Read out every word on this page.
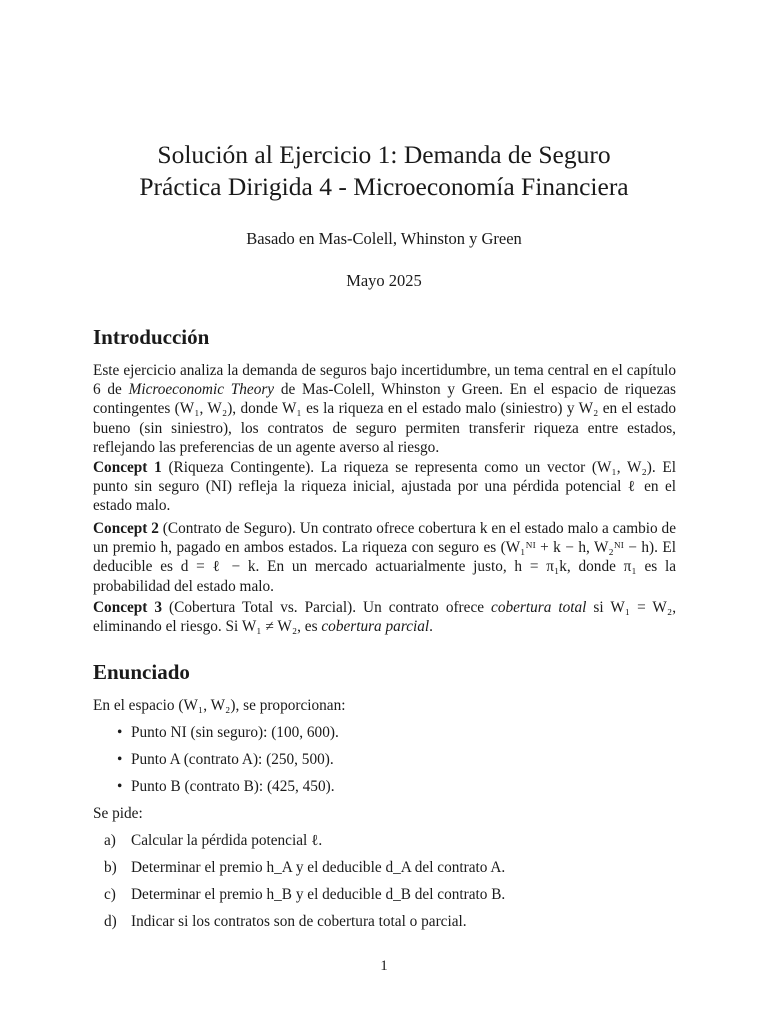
Solución al Ejercicio 1: Demanda de Seguro
Práctica Dirigida 4 - Microeconomía Financiera
Basado en Mas-Colell, Whinston y Green
Mayo 2025
Introducción

Este ejercicio analiza la demanda de seguros bajo incertidumbre, un tema central en el capítulo 6 de Microeconomic Theory de Mas-Colell, Whinston y Green. En el espacio de riquezas contingentes (W₁, W₂), donde W₁ es la riqueza en el estado malo (siniestro) y W₂ en el estado bueno (sin siniestro), los contratos de seguro permiten transferir riqueza entre estados, reflejando las preferencias de un agente averso al riesgo.

Concept 1 (Riqueza Contingente). La riqueza se representa como un vector (W₁, W₂). El punto sin seguro (NI) refleja la riqueza inicial, ajustada por una pérdida potencial ℓ en el estado malo.

Concept 2 (Contrato de Seguro). Un contrato ofrece cobertura k en el estado malo a cambio de un premio h, pagado en ambos estados. La riqueza con seguro es (W₁ᴺᴵ + k − h, W₂ᴺᴵ − h). El deducible es d = ℓ − k. En un mercado actuarialmente justo, h = π₁k, donde π₁ es la probabilidad del estado malo.

Concept 3 (Cobertura Total vs. Parcial). Un contrato ofrece cobertura total si W₁ = W₂, eliminando el riesgo. Si W₁ ≠ W₂, es cobertura parcial.

Enunciado
En el espacio (W₁, W₂), se proporcionan:
• Punto NI (sin seguro): (100, 600).
• Punto A (contrato A): (250, 500).
• Punto B (contrato B): (425, 450).
Se pide:
a) Calcular la pérdida potencial ℓ.
b) Determinar el premio h_A y el deducible d_A del contrato A.
c) Determinar el premio h_B y el deducible d_B del contrato B.
d) Indicar si los contratos son de cobertura total o parcial.
1
